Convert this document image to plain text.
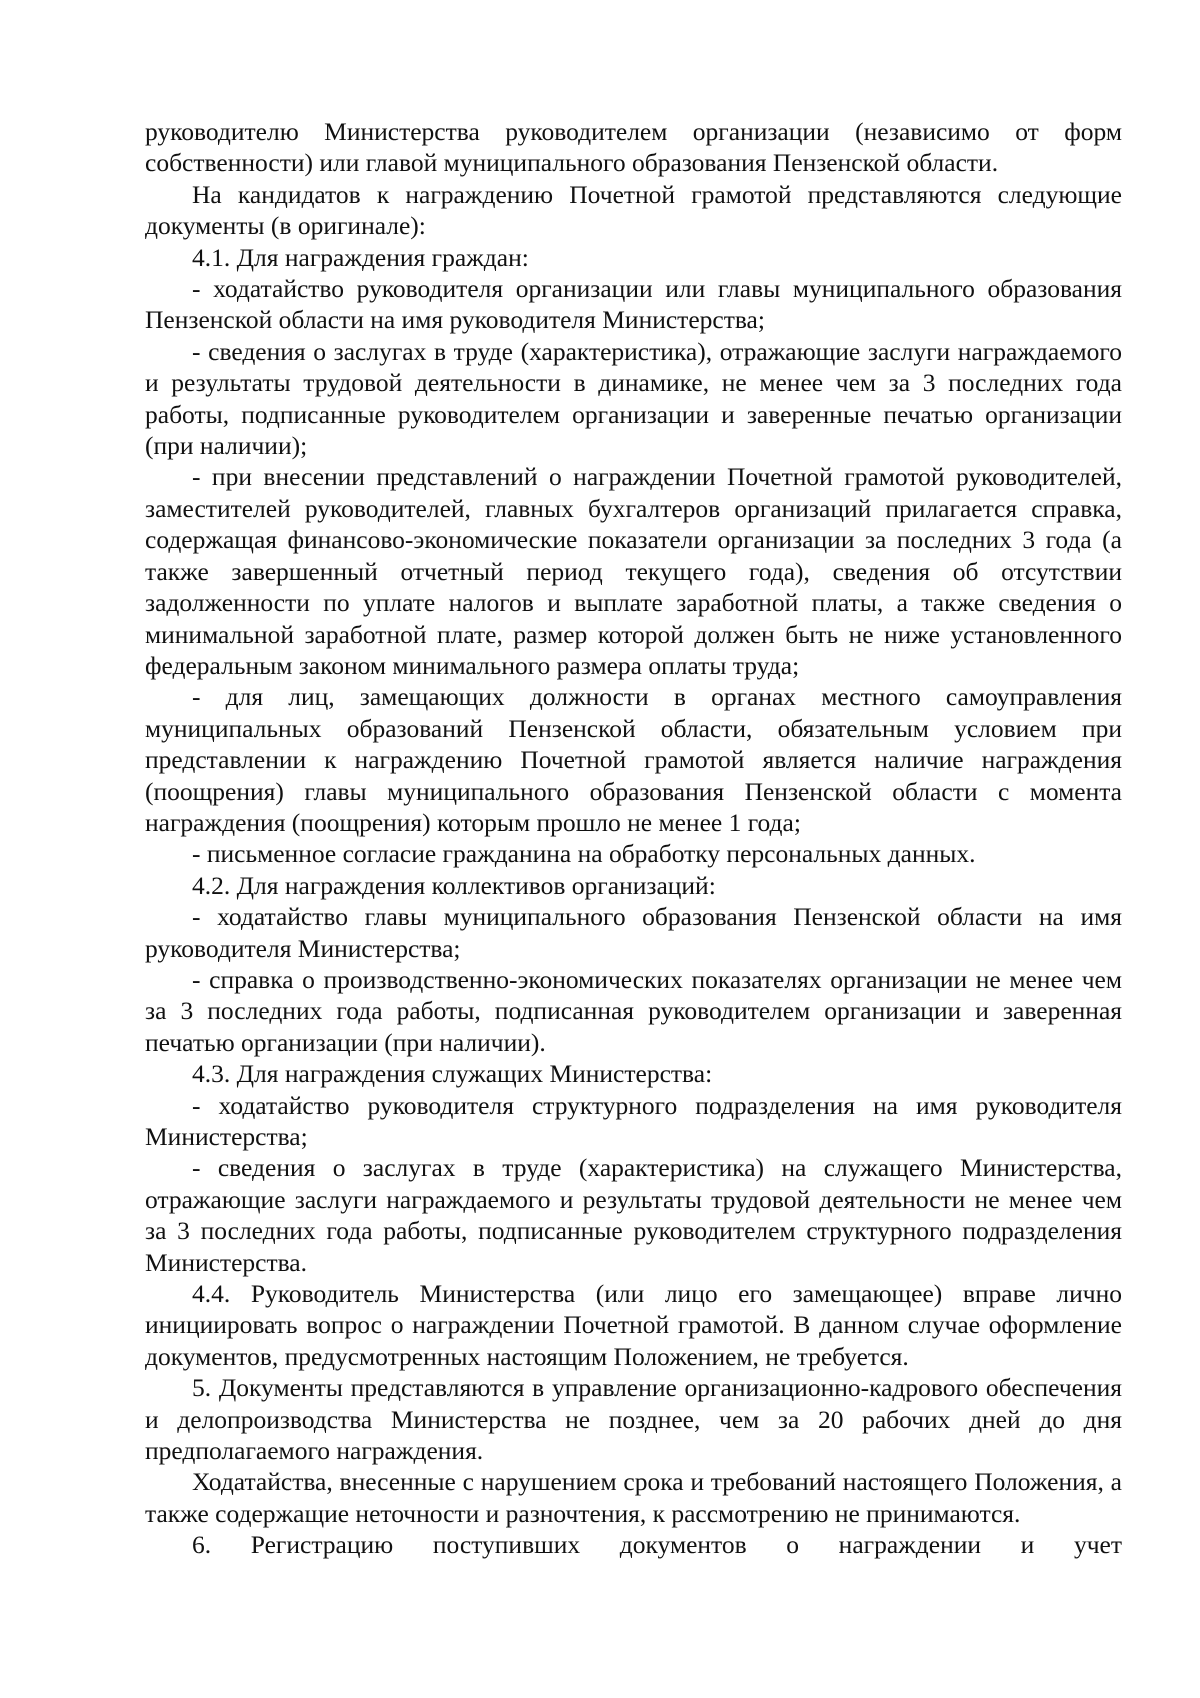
руководителю Министерства руководителем организации (независимо от форм собственности) или главой муниципального образования Пензенской области.

На кандидатов к награждению Почетной грамотой представляются следующие документы (в оригинале):

4.1. Для награждения граждан:

- ходатайство руководителя организации или главы муниципального образования Пензенской области на имя руководителя Министерства;

- сведения о заслугах в труде (характеристика), отражающие заслуги награждаемого и результаты трудовой деятельности в динамике, не менее чем за 3 последних года работы, подписанные руководителем организации и заверенные печатью организации (при наличии);

- при внесении представлений о награждении Почетной грамотой руководителей, заместителей руководителей, главных бухгалтеров организаций прилагается справка, содержащая финансово-экономические показатели организации за последних 3 года (а также завершенный отчетный период текущего года), сведения об отсутствии задолженности по уплате налогов и выплате заработной платы, а также сведения о минимальной заработной плате, размер которой должен быть не ниже установленного федеральным законом минимального размера оплаты труда;

- для лиц, замещающих должности в органах местного самоуправления муниципальных образований Пензенской области, обязательным условием при представлении к награждению Почетной грамотой является наличие награждения (поощрения) главы муниципального образования Пензенской области с момента награждения (поощрения) которым прошло не менее 1 года;

- письменное согласие гражданина на обработку персональных данных.

4.2. Для награждения коллективов организаций:

- ходатайство главы муниципального образования Пензенской области на имя руководителя Министерства;

- справка о производственно-экономических показателях организации не менее чем за 3 последних года работы, подписанная руководителем организации и заверенная печатью организации (при наличии).

4.3. Для награждения служащих Министерства:

- ходатайство руководителя структурного подразделения на имя руководителя Министерства;

- сведения о заслугах в труде (характеристика) на служащего Министерства, отражающие заслуги награждаемого и результаты трудовой деятельности не менее чем за 3 последних года работы, подписанные руководителем структурного подразделения Министерства.

4.4. Руководитель Министерства (или лицо его замещающее) вправе лично инициировать вопрос о награждении Почетной грамотой. В данном случае оформление документов, предусмотренных настоящим Положением, не требуется.

5. Документы представляются в управление организационно-кадрового обеспечения и делопроизводства Министерства не позднее, чем за 20 рабочих дней до дня предполагаемого награждения.

Ходатайства, внесенные с нарушением срока и требований настоящего Положения, а также содержащие неточности и разночтения, к рассмотрению не принимаются.

6. Регистрацию поступивших документов о награждении и учет
